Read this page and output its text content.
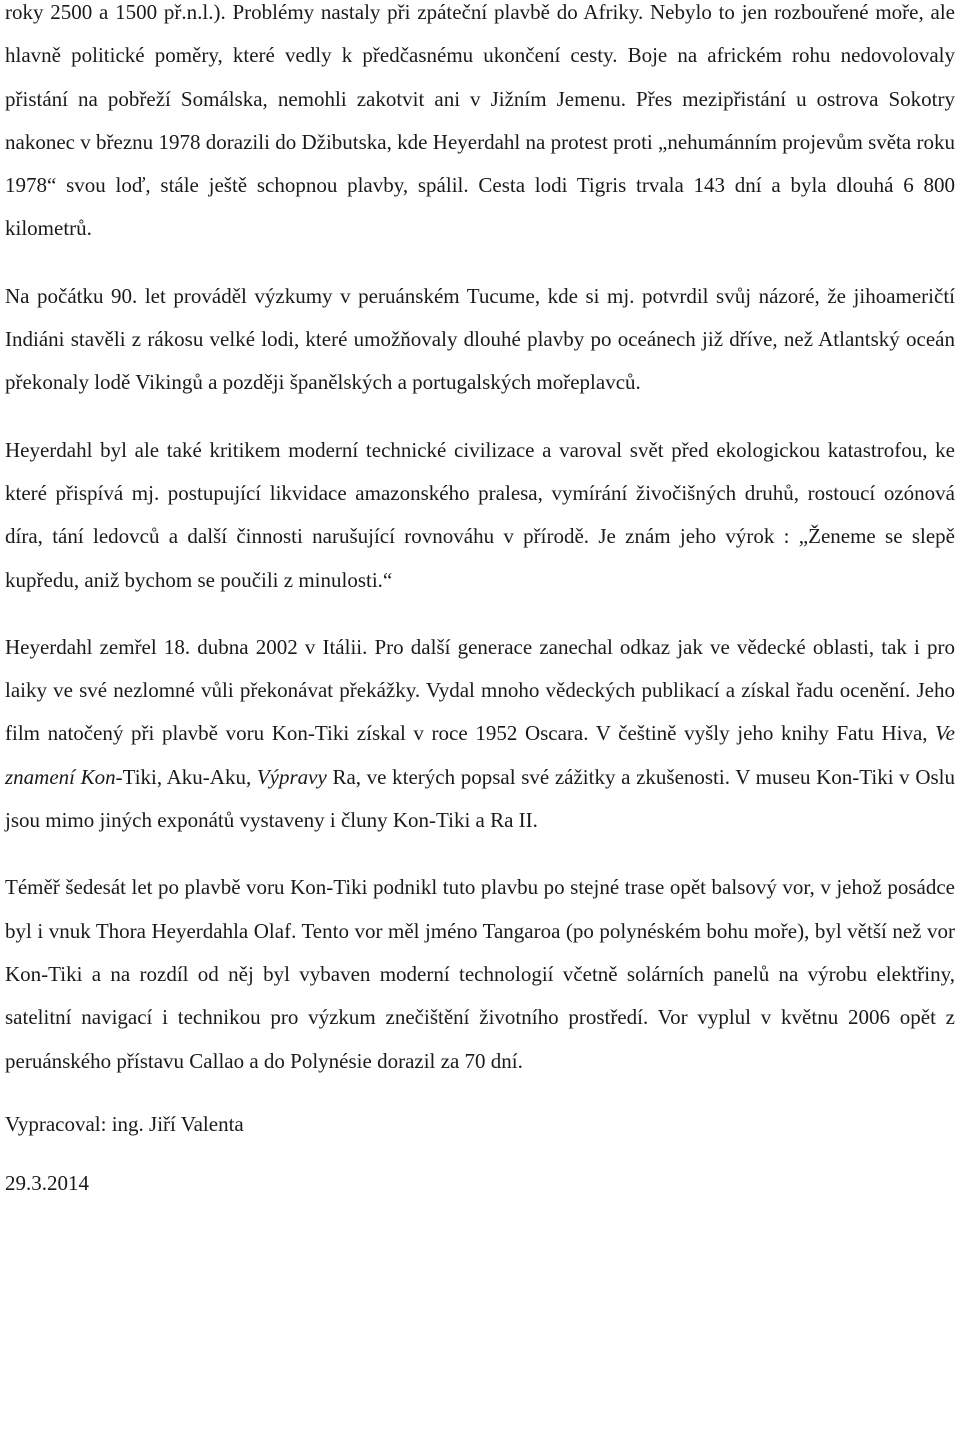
roky 2500 a 1500 př.n.l.). Problémy nastaly při zpáteční plavbě do Afriky. Nebylo to jen rozbouřené moře, ale hlavně politické poměry, které vedly k předčasnému ukončení cesty. Boje na africkém rohu nedovolovaly přistání na pobřeží Somálska, nemohli zakotvit ani v Jižním Jemenu. Přes mezipřistání u ostrova Sokotry nakonec v březnu 1978 dorazili do Džibutska, kde Heyerdahl na protest proti „nehumánním projevům světa roku 1978“ svou loď, stále ještě schopnou plavby, spálil. Cesta lodi Tigris trvala 143 dní a byla dlouhá 6 800 kilometrů.

Na počátku 90. let prováděl výzkumy v peruánském Tucume, kde si mj. potvrdil svůj názoré, že jihoameričtí Indiáni stavěli z rákosu velké lodi, které umožňovaly dlouhé plavby po oceánech již dříve, než Atlantský oceán překonaly lodě Vikingů a později španělských a portugalských mořeplavců.

Heyerdahl byl ale také kritikem moderní technické civilizace a varoval svět před ekologickou katastrofou, ke které přispívá mj. postupující likvidace amazonského pralesa, vymírání živočišných druhů, rostoucí ozónová díra, tání ledovců a další činnosti narušující rovnováhu v přírodě. Je znám jeho výrok : „Ženeme se slepě kupředu, aniž bychom se poučili z minulosti.“

Heyerdahl zemřel 18. dubna 2002 v Itálii. Pro další generace zanechal odkaz jak ve vědecké oblasti, tak i pro laiky ve své nezlomné vůli překonávat překážky. Vydal mnoho vědeckých publikací a získal řadu ocenění. Jeho film natočený při plavbě voru Kon-Tiki získal v roce 1952 Oscara. V češtině vyšly jeho knihy Fatu Hiva, Ve znamení Kon-Tiki, Aku-Aku, Výpravy Ra, ve kterých popsal své zážitky a zkušenosti. V museu Kon-Tiki v Oslu jsou mimo jiných exponátů vystaveny i čluny Kon-Tiki a Ra II.

Téměř šedesát let po plavbě voru Kon-Tiki podnikl tuto plavbu po stejné trase opět balsový vor, v jehož posádce byl i vnuk Thora Heyerdahla Olaf. Tento vor měl jméno Tangaroa (po polynéském bohu moře), byl větší než vor Kon-Tiki a na rozdíl od něj byl vybaven moderní technologií včetně solárních panelů na výrobu elektřiny, satelitní navigací i technikou pro výzkum znečištění životního prostředí. Vor vyplul v květnu 2006 opět z peruánského přístavu Callao a do Polynésie dorazil za 70 dní.

Vypracoval: ing. Jiří Valenta

29.3.2014
